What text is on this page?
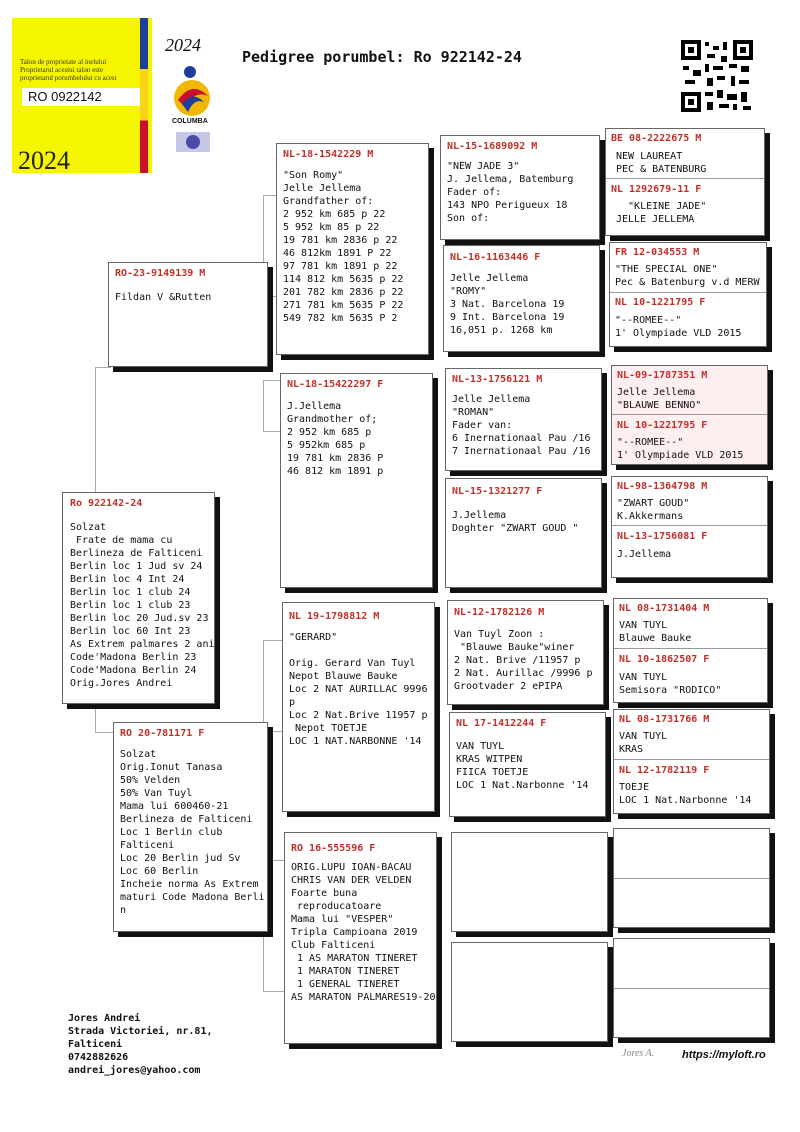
Talon de proprietate al inelului
Proprietarul acestui talon este
proprietarul porumbelului cu acest
RO 0922142
2024
2024
COLUMBA
Pedigree porumbel: Ro 922142-24
Ro 922142-24
Solzat
Frate de mama cu
Berlineza de Falticeni
Berlin loc 1 Jud sv 24
Berlin loc 4 Int 24
Berlin loc 1 club 24
Berlin loc 1 club 23
Berlin loc 20 Jud.sv 23
Berlin loc 60 Int 23
As Extrem palmares 2 ani
Code'Madona Berlin 23
Code'Madona Berlin 24
Orig.Jores Andrei
RO-23-9149139 M
Fildan V &Rutten
RO 20-781171 F
Solzat
Orig.Ionut Tanasa
50% Velden
50% Van Tuyl
Mama lui 600460-21
Berlineza de Falticeni
Loc 1 Berlin club
Falticeni
Loc 20 Berlin jud Sv
Loc 60 Berlin
Incheie norma As Extrem
maturi Code Madona Berli
n
NL-18-1542229 M
"Son Romy"
Jelle Jellema
Grandfather of:
2 952 km 685 p 22
5 952 km 85 p 22
19 781 km 2836 p 22
46 812km 1891 P 22
97 781 km 1891 p 22
114 812 km 5635 p 22
201 782 km 2836 p 22
271 781 km 5635 P 22
549 782 km 5635 P 2
NL-18-15422297 F
J.Jellema
Grandmother of;
2 952 km 685 p
5 952km 685 p
19 781 km 2836 P
46 812 km 1891 p
NL 19-1798812 M
"GERARD"

Orig. Gerard Van Tuyl
Nepot Blauwe Bauke
Loc 2 NAT AURILLAC 9996
p
Loc 2 Nat.Brive 11957 p
Nepot TOETJE
LOC 1 NAT.NARBONNE '14
RO 16-555596 F
ORIG.LUPU IOAN-BACAU
CHRIS VAN DER VELDEN
Foarte buna
reproducatoare
Mama lui "VESPER"
Tripla Campioana 2019
Club Falticeni
1 AS MARATON TINERET
1 MARATON TINERET
1 GENERAL TINERET
AS MARATON PALMARES19-20
NL-15-1689092 M
"NEW JADE 3"
J. Jellema, Batemburg
Fader of:
143 NPO Perigueux 18
Son of:
NL-16-1163446 F
Jelle Jellema
"ROMY"
3 Nat. Barcelona 19
9 Int. Barcelona 19
16,051 p. 1268 km
NL-13-1756121 M
Jelle Jellema
"ROMAN"
Fader van:
6 Inernationaal Pau /16
7 Inernationaal Pau /16
NL-15-1321277 F
J.Jellema
Doghter "ZWART GOUD "
NL-12-1782126 M
Van Tuyl Zoon :
"Blauwe Bauke"winer
2 Nat. Brive /11957 p
2 Nat. Aurillac /9996 p
Grootvader 2 ePIPA
NL 17-1412244 F
VAN TUYL
KRAS WITPEN
FIICA TOETJE
LOC 1 Nat.Narbonne '14
BE 08-2222675 M
NEW LAUREAT
PEC & BATENBURG
NL 1292679-11 F
"KLEINE JADE"
JELLE JELLEMA
FR 12-034553 M
"THE SPECIAL ONE"
Pec & Batenburg v.d MERW
NL 10-1221795 F
"--ROMEE--"
1' Olympiade VLD 2015
NL-09-1787351 M
Jelle Jellema
"BLAUWE BENNO"
NL 10-1221795 F
"--ROMEE--"
1' Olympiade VLD 2015
NL-98-1364798 M
"ZWART GOUD"
K.Akkermans
NL-13-1756081 F
J.Jellema
NL 08-1731404 M
VAN TUYL
Blauwe Bauke
NL 10-1862507 F
VAN TUYL
Semisora "RODICO"
NL 08-1731766 M
VAN TUYL
KRAS
NL 12-1782119 F
TOEJE
LOC 1 Nat.Narbonne '14
Jores Andrei
Strada Victoriei, nr.81,
Falticeni
0742882626
andrei_jores@yahoo.com
Jores A.	https://myloft.ro
